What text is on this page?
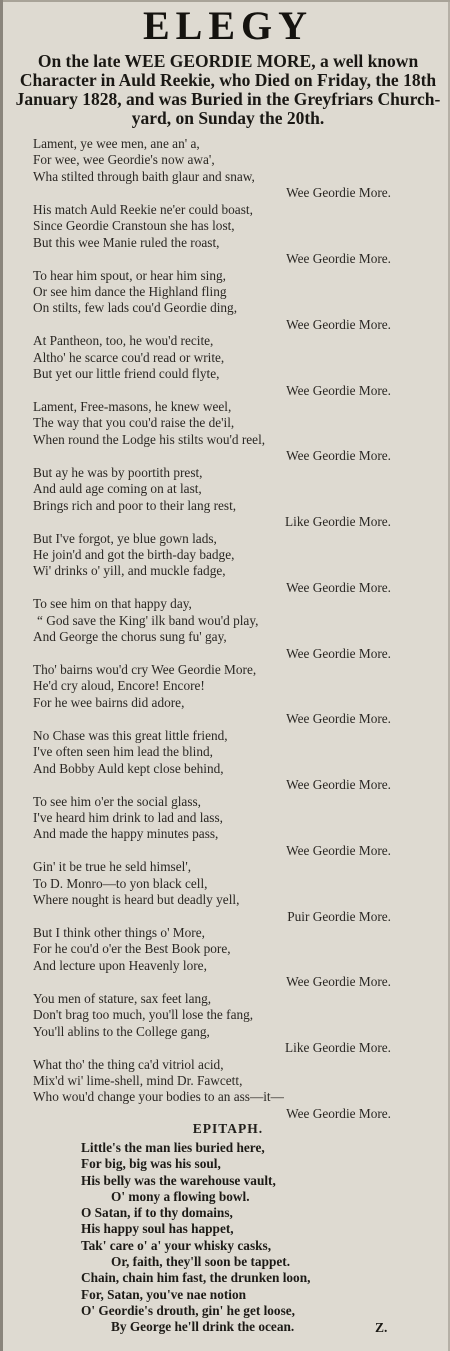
ELEGY
On the late WEE GEORDIE MORE, a well known Character in Auld Reekie, who Died on Friday, the 18th January 1828, and was Buried in the Greyfriars Church-yard, on Sunday the 20th.
Lament, ye wee men, ane an' a,
For wee, wee Geordie's now awa',
Wha stilted through baith glaur and snaw,
Wee Geordie More.
His match Auld Reekie ne'er could boast,
Since Geordie Cranstoun she has lost,
But this wee Manie ruled the roast,
Wee Geordie More.
To hear him spout, or hear him sing,
Or see him dance the Highland fling
On stilts, few lads cou'd Geordie ding,
Wee Geordie More.
At Pantheon, too, he wou'd recite,
Altho' he scarce cou'd read or write,
But yet our little friend could flyte,
Wee Geordie More.
Lament, Free-masons, he knew weel,
The way that you cou'd raise the de'il,
When round the Lodge his stilts wou'd reel,
Wee Geordie More.
But ay he was by poortith prest,
And auld age coming on at last,
Brings rich and poor to their lang rest,
Like Geordie More.
But I've forgot, ye blue gown lads,
He join'd and got the birth-day badge,
Wi' drinks o' yill, and muckle fadge,
Wee Geordie More.
To see him on that happy day,
“ God save the King' ilk band wou'd play,
And George the chorus sung fu' gay,
Wee Geordie More.
Tho' bairns wou'd cry Wee Geordie More,
He'd cry aloud, Encore! Encore!
For he wee bairns did adore,
Wee Geordie More.
No Chase was this great little friend,
I've often seen him lead the blind,
And Bobby Auld kept close behind,
Wee Geordie More.
To see him o'er the social glass,
I've heard him drink to lad and lass,
And made the happy minutes pass,
Wee Geordie More.
Gin' it be true he seld himsel',
To D. Monro—to yon black cell,
Where nought is heard but deadly yell,
Puir Geordie More.
But I think other things o' More,
For he cou'd o'er the Best Book pore,
And lecture upon Heavenly lore,
Wee Geordie More.
You men of stature, sax feet lang,
Don't brag too much, you'll lose the fang,
You'll ablins to the College gang,
Like Geordie More.
What tho' the thing ca'd vitriol acid,
Mix'd wi' lime-shell, mind Dr. Fawcett,
Who wou'd change your bodies to an ass—it—
Wee Geordie More.
EPITAPH.
Little's the man lies buried here,
For big, big was his soul,
His belly was the warehouse vault,
O' mony a flowing bowl.
O Satan, if to thy domains,
His happy soul has happet,
Tak' care o' a' your whisky casks,
Or, faith, they'll soon be tappet.
Chain, chain him fast, the drunken loon,
For, Satan, you've nae notion
O' Geordie's drouth, gin' he get loose,
By George he'll drink the ocean.	Z.
